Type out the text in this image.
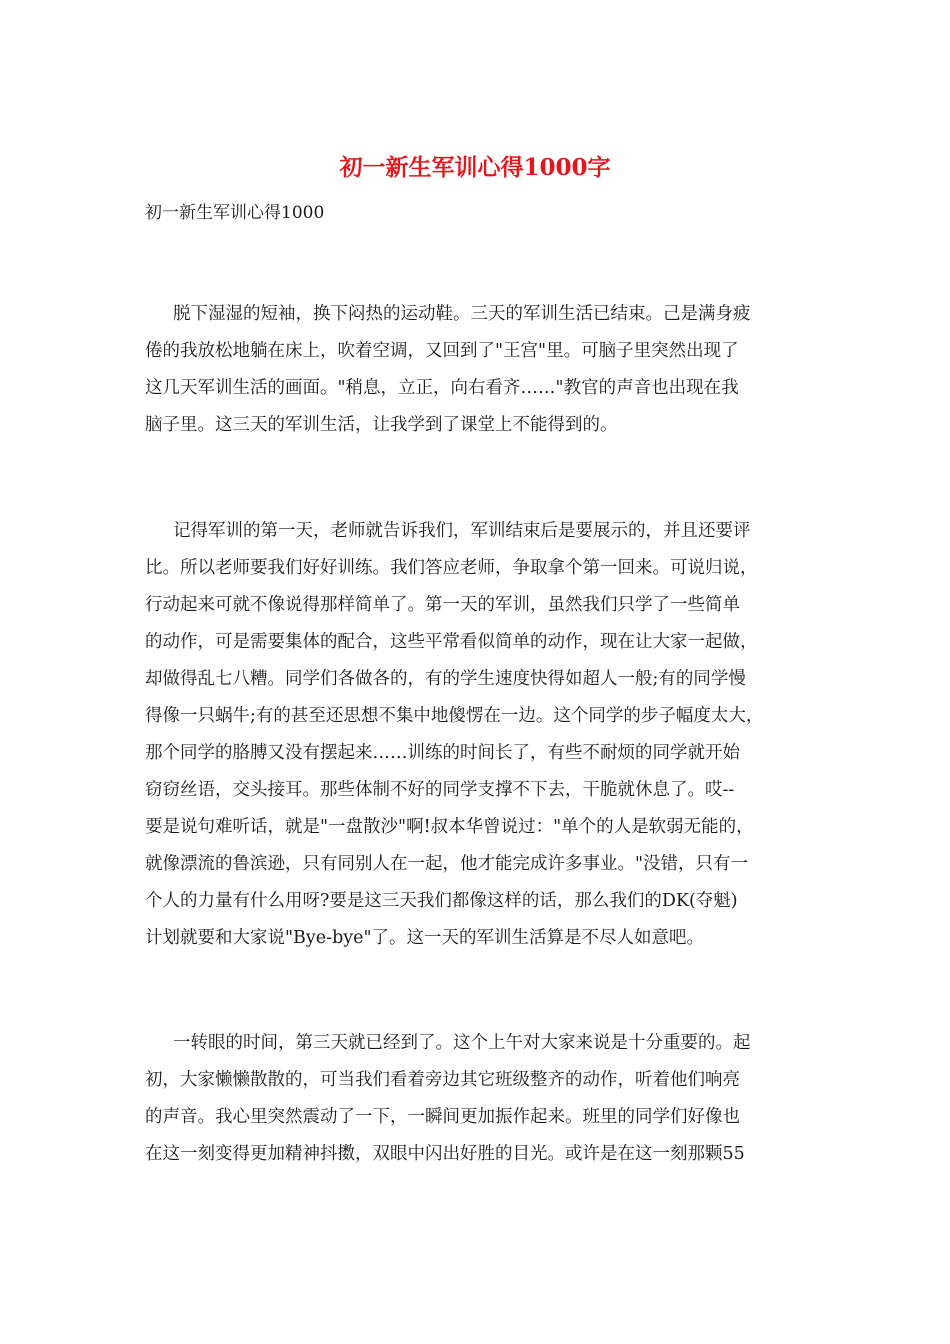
初一新生军训心得1000字

初一新生军训心得1000

脱下湿湿的短袖，换下闷热的运动鞋。三天的军训生活已结束。己是满身疲
倦的我放松地躺在床上，吹着空调，又回到了"王宫"里。可脑子里突然出现了
这几天军训生活的画面。"稍息，立正，向右看齐……"教官的声音也出现在我
脑子里。这三天的军训生活，让我学到了课堂上不能得到的。
记得军训的第一天，老师就告诉我们，军训结束后是要展示的，并且还要评
比。所以老师要我们好好训练。我们答应老师，争取拿个第一回来。可说归说，
行动起来可就不像说得那样简单了。第一天的军训，虽然我们只学了一些简单
的动作，可是需要集体的配合，这些平常看似简单的动作，现在让大家一起做，
却做得乱七八糟。同学们各做各的，有的学生速度快得如超人一般;有的同学慢
得像一只蜗牛;有的甚至还思想不集中地傻愣在一边。这个同学的步子幅度太大，
那个同学的胳膊又没有摆起来……训练的时间长了，有些不耐烦的同学就开始
窃窃丝语，交头接耳。那些体制不好的同学支撑不下去，干脆就休息了。哎--
要是说句难听话，就是"一盘散沙"啊!叔本华曾说过："单个的人是软弱无能的，
就像漂流的鲁滨逊，只有同别人在一起，他才能完成许多事业。"没错，只有一
个人的力量有什么用呀?要是这三天我们都像这样的话，那么我们的DK(夺魁)
计划就要和大家说"Bye-bye"了。这一天的军训生活算是不尽人如意吧。
一转眼的时间，第三天就已经到了。这个上午对大家来说是十分重要的。起
初，大家懒懒散散的，可当我们看着旁边其它班级整齐的动作，听着他们响亮
的声音。我心里突然震动了一下，一瞬间更加振作起来。班里的同学们好像也
在这一刻变得更加精神抖擞，双眼中闪出好胜的目光。或许是在这一刻那颗55
